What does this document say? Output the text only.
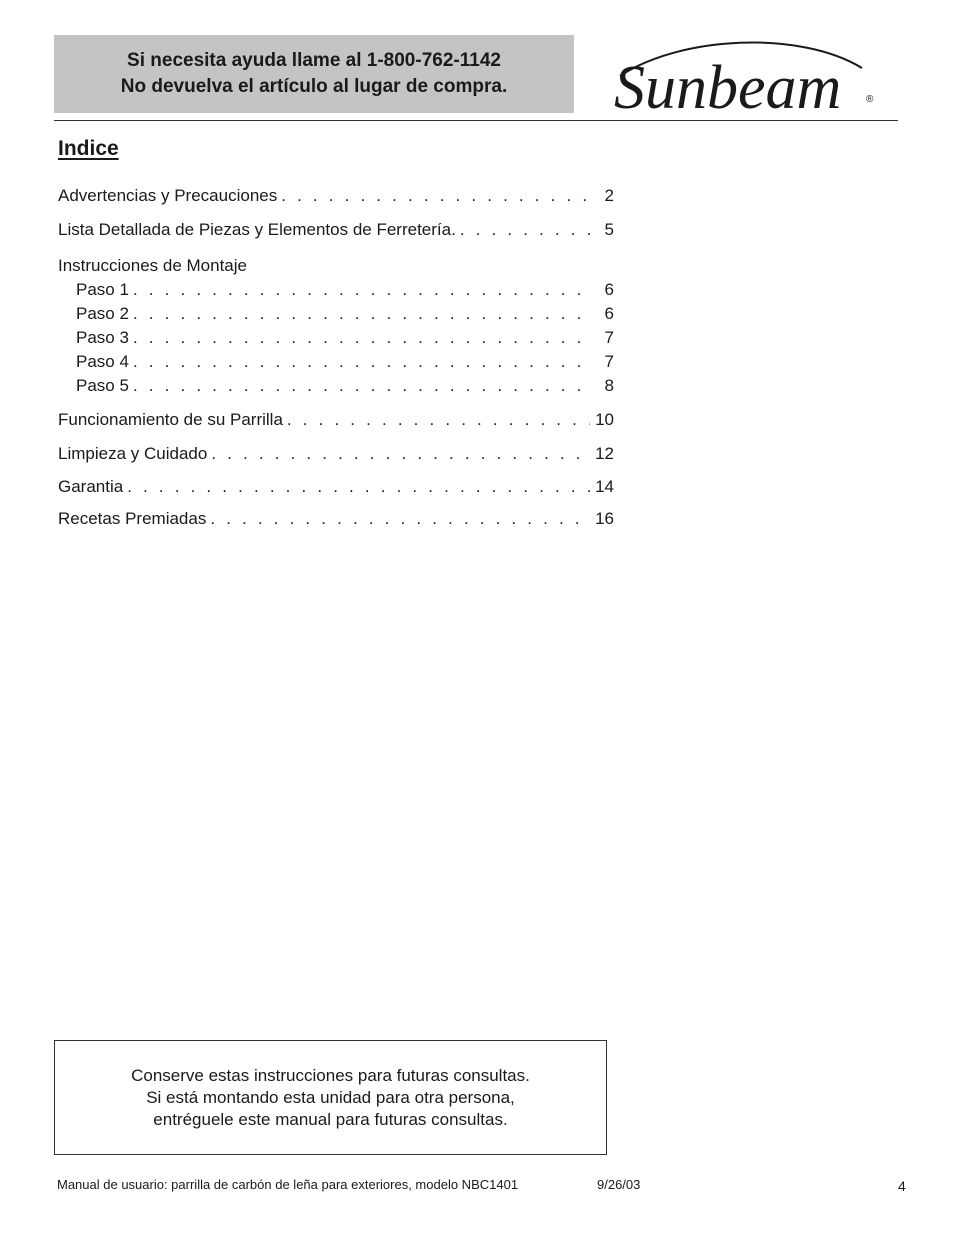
Si necesita ayuda llame al 1-800-762-1142
No devuelva el artículo al lugar de compra. Sunbeam ®
Indice
Advertencias y Precauciones . . .	2
Lista Detallada de Piezas y Elementos de Ferretería. . . .	5
Instrucciones de Montaje
Paso 1 . . .	6
Paso 2 . . .	6
Paso 3 . . .	7
Paso 4 . . .	7
Paso 5 . . .	8
Funcionamiento de su Parrilla . . .	10
Limpieza y Cuidado . . .	12
Garantia . . .	14
Recetas Premiadas . . .	16
Conserve estas instrucciones para futuras consultas.
Si está montando esta unidad para otra persona,
entréguele este manual para futuras consultas.
Manual de usuario: parrilla de carbón de leña para exteriores, modelo NBC1401	9/26/03	4
